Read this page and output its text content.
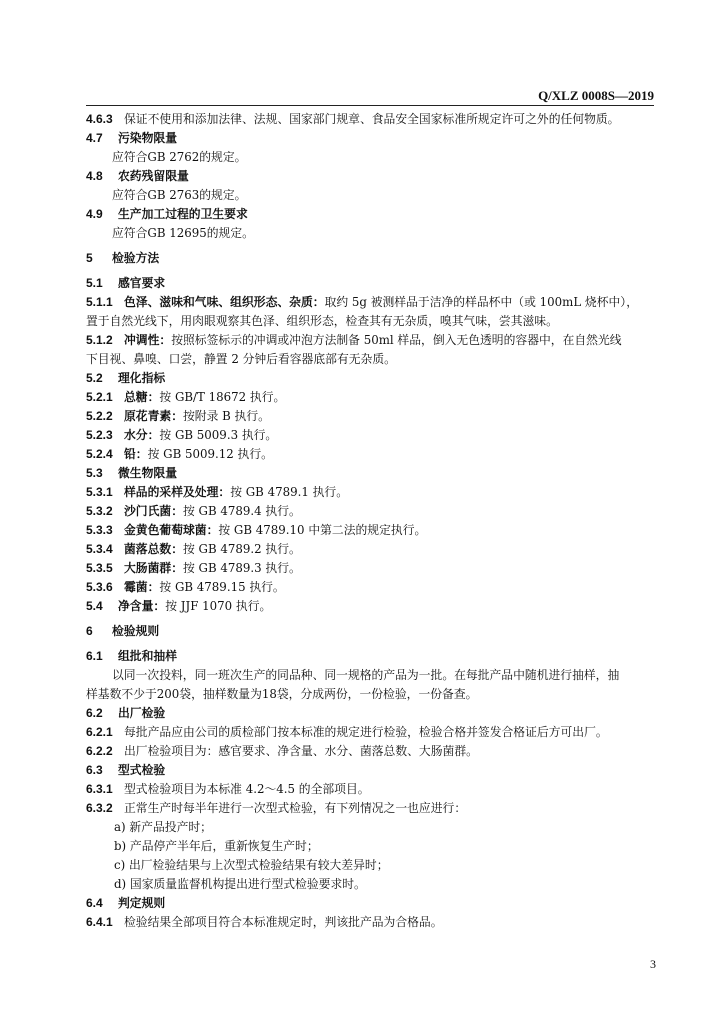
Q/XLZ 0008S—2019
4.6.3 保证不使用和添加法律、法规、国家部门规章、食品安全国家标准所规定许可之外的任何物质。
4.7	污染物限量
应符合GB 2762的规定。
4.8	农药残留限量
应符合GB 2763的规定。
4.9	生产加工过程的卫生要求
应符合GB 12695的规定。
5	检验方法
5.1	感官要求
5.1.1 色泽、滋味和气味、组织形态、杂质： 取约 5g 被测样品于洁净的样品杯中（或 100mL 烧杯中），
置于自然光线下，用肉眼观察其色泽、组织形态，检查其有无杂质，嗅其气味，尝其滋味。
5.1.2 冲调性： 按照标签标示的冲调或冲泡方法制备 50ml 样品，倒入无色透明的容器中，在自然光线
下目视、鼻嗅、口尝，静置 2 分钟后看容器底部有无杂质。
5.2	理化指标
5.2.1 总糖： 按 GB/T 18672 执行。
5.2.2 原花青素： 按附录 B 执行。
5.2.3 水分： 按 GB 5009.3 执行。
5.2.4 铅： 按 GB 5009.12 执行。
5.3	微生物限量
5.3.1 样品的采样及处理： 按 GB 4789.1 执行。
5.3.2 沙门氏菌： 按 GB 4789.4 执行。
5.3.3 金黄色葡萄球菌： 按 GB 4789.10 中第二法的规定执行。
5.3.4 菌落总数： 按 GB 4789.2 执行。
5.3.5 大肠菌群： 按 GB 4789.3 执行。
5.3.6 霉菌： 按 GB 4789.15 执行。
5.4	净含量： 按 JJF 1070 执行。
6	检验规则
6.1	组批和抽样
以同一次投料，同一班次生产的同品种、同一规格的产品为一批。在每批产品中随机进行抽样，抽
样基数不少于200袋，抽样数量为18袋，分成两份，一份检验，一份备查。
6.2	出厂检验
6.2.1 每批产品应由公司的质检部门按本标准的规定进行检验，检验合格并签发合格证后方可出厂。
6.2.2 出厂检验项目为：感官要求、净含量、水分、菌落总数、大肠菌群。
6.3	型式检验
6.3.1 型式检验项目为本标准 4.2～4.5 的全部项目。
6.3.2 正常生产时每半年进行一次型式检验，有下列情况之一也应进行：
a) 新产品投产时；
b) 产品停产半年后，重新恢复生产时；
c) 出厂检验结果与上次型式检验结果有较大差异时；
d) 国家质量监督机构提出进行型式检验要求时。
6.4	判定规则
6.4.1 检验结果全部项目符合本标准规定时，判该批产品为合格品。
3
